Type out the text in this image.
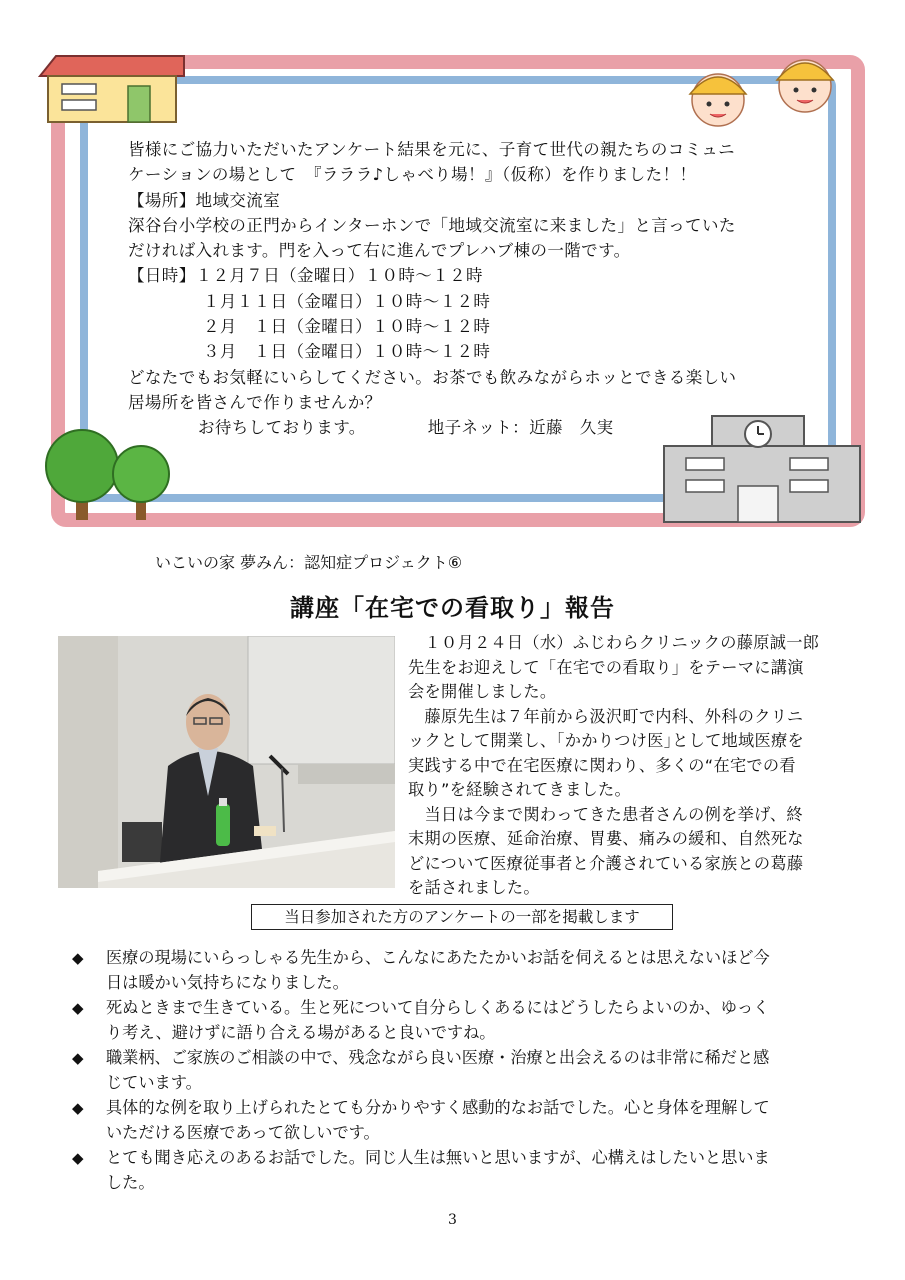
皆様にご協力いただいたアンケート結果を元に、子育て世代の親たちのコミュニ
ケーションの場として　『ラララ♪しゃべり場！』（仮称）を作りました！！
【場所】地域交流室
深谷台小学校の正門からインターホンで「地域交流室に来ました」と言っていた
だければ入れます。門を入って右に進んでプレハブ棟の一階です。
【日時】１２月７日（金曜日）１０時～１２時
１月１１日（金曜日）１０時～１２時
２月　１日（金曜日）１０時～１２時
３月　１日（金曜日）１０時～１２時
どなたでもお気軽にいらしてください。お茶でも飲みながらホッとできる楽しい
居場所を皆さんで作りませんか？
お待ちしております。	地子ネット：近藤　久実
いこいの家 夢みん：認知症プロジェクト⑥
講座「在宅での看取り」報告
　１０月２４日（水）ふじわらクリニックの藤原誠一郎
先生をお迎えして「在宅での看取り」をテーマに講演
会を開催しました。
　藤原先生は７年前から汲沢町で内科、外科のクリニ
ックとして開業し、｢かかりつけ医｣として地域医療を
実践する中で在宅医療に関わり、多くの“在宅での看
取り”を経験されてきました。
　当日は今まで関わってきた患者さんの例を挙げ、終
末期の医療、延命治療、胃婁、痛みの緩和、自然死な
どについて医療従事者と介護されている家族との葛藤
を話されました。
当日参加された方のアンケートの一部を掲載します
◆	医療の現場にいらっしゃる先生から、こんなにあたたかいお話を伺えるとは思えないほど今
日は暖かい気持ちになりました。
◆	死ぬときまで生きている。生と死について自分らしくあるにはどうしたらよいのか、ゆっく
り考え、避けずに語り合える場があると良いですね。
◆	職業柄、ご家族のご相談の中で、残念ながら良い医療・治療と出会えるのは非常に稀だと感
じています。
◆	具体的な例を取り上げられたとても分かりやすく感動的なお話でした。心と身体を理解して
いただける医療であって欲しいです。
◆	とても聞き応えのあるお話でした。同じ人生は無いと思いますが、心構えはしたいと思いま
した。
3
